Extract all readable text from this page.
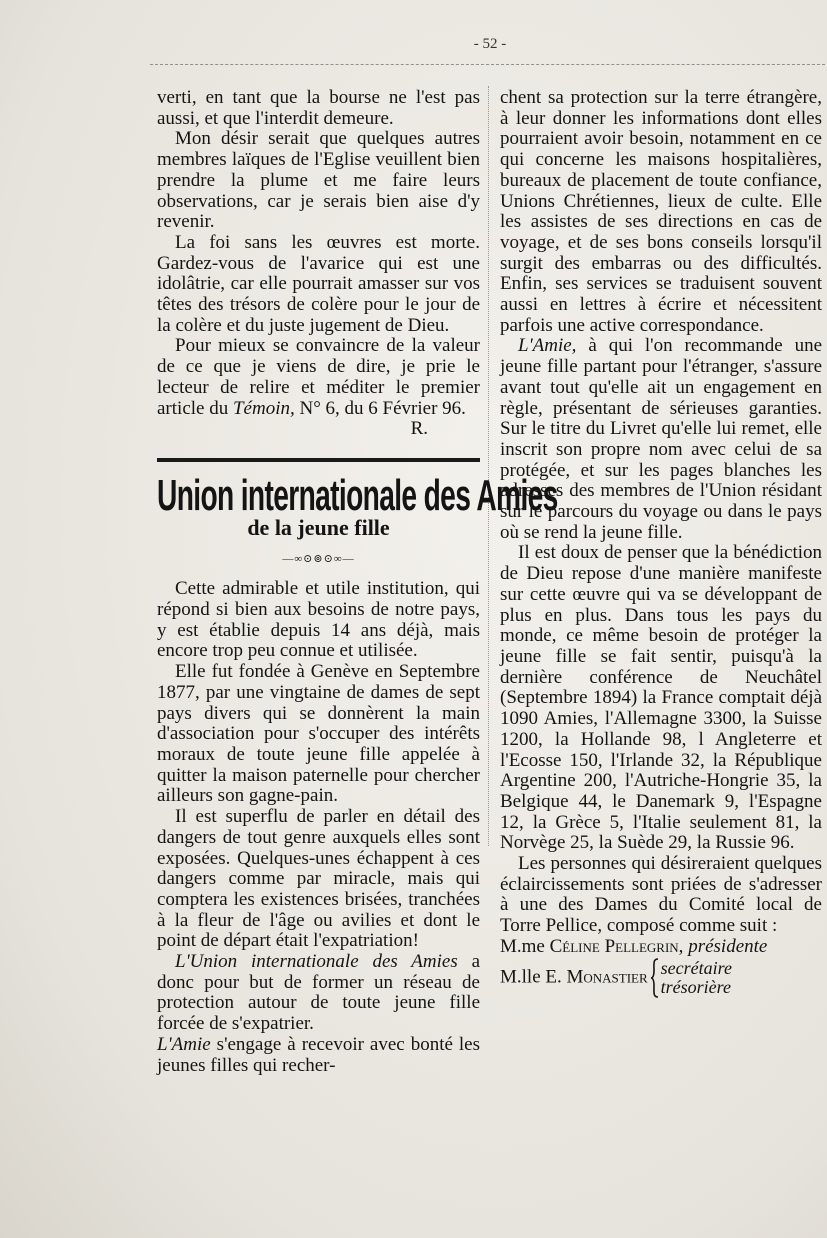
- 52 -

verti, en tant que la bourse ne l'est pas aussi, et que l'interdit demeure.

Mon désir serait que quelques autres membres laïques de l'Eglise veuillent bien prendre la plume et me faire leurs observations, car je serais bien aise d'y revenir.

La foi sans les œuvres est morte. Gardez-vous de l'avarice qui est une idolâtrie, car elle pourrait amasser sur vos têtes des trésors de colère pour le jour de la colère et du juste jugement de Dieu.

Pour mieux se convaincre de la valeur de ce que je viens de dire, je prie le lecteur de relire et méditer le premier article du Témoin, N° 6, du 6 Février 96.

R.

Union internationale des Amies
de la jeune fille
—∞⊙⊚⊙∞—

Cette admirable et utile institution, qui répond si bien aux besoins de notre pays, y est établie depuis 14 ans déjà, mais encore trop peu connue et utilisée.

Elle fut fondée à Genève en Septembre 1877, par une vingtaine de dames de sept pays divers qui se donnèrent la main d'association pour s'occuper des intérêts moraux de toute jeune fille appelée à quitter la maison paternelle pour chercher ailleurs son gagne-pain.

Il est superflu de parler en détail des dangers de tout genre auxquels elles sont exposées. Quelques-unes échappent à ces dangers comme par miracle, mais qui comptera les existences brisées, tranchées à la fleur de l'âge ou avilies et dont le point de départ était l'expatriation!

L'Union internationale des Amies a donc pour but de former un réseau de protection autour de toute jeune fille forcée de s'expatrier.

L'Amie s'engage à recevoir avec bonté les jeunes filles qui recher-

chent sa protection sur la terre étrangère, à leur donner les informations dont elles pourraient avoir besoin, notamment en ce qui concerne les maisons hospitalières, bureaux de placement de toute confiance, Unions Chrétiennes, lieux de culte. Elle les assistes de ses directions en cas de voyage, et de ses bons conseils lorsqu'il surgit des embarras ou des difficultés. Enfin, ses services se traduisent souvent aussi en lettres à écrire et nécessitent parfois une active correspondance.

L'Amie, à qui l'on recommande une jeune fille partant pour l'étranger, s'assure avant tout qu'elle ait un engagement en règle, présentant de sérieuses garanties. Sur le titre du Livret qu'elle lui remet, elle inscrit son propre nom avec celui de sa protégée, et sur les pages blanches les adresses des membres de l'Union résidant sur le parcours du voyage ou dans le pays où se rend la jeune fille.

Il est doux de penser que la bénédiction de Dieu repose d'une manière manifeste sur cette œuvre qui va se développant de plus en plus. Dans tous les pays du monde, ce même besoin de protéger la jeune fille se fait sentir, puisqu'à la dernière conférence de Neuchâtel (Septembre 1894) la France comptait déjà 1090 Amies, l'Allemagne 3300, la Suisse 1200, la Hollande 98, l Angleterre et l'Ecosse 150, l'Irlande 32, la République Argentine 200, l'Autriche-Hongrie 35, la Belgique 44, le Danemark 9, l'Espagne 12, la Grèce 5, l'Italie seulement 81, la Norvège 25, la Suède 29, la Russie 96.

Les personnes qui désireraient quelques éclaircissements sont priées de s'adresser à une des Dames du Comité local de Torre Pellice, composé comme suit :

M.me Céline Pellegrin, présidente

M.lle E. Monastier secrétaire
trésorière
